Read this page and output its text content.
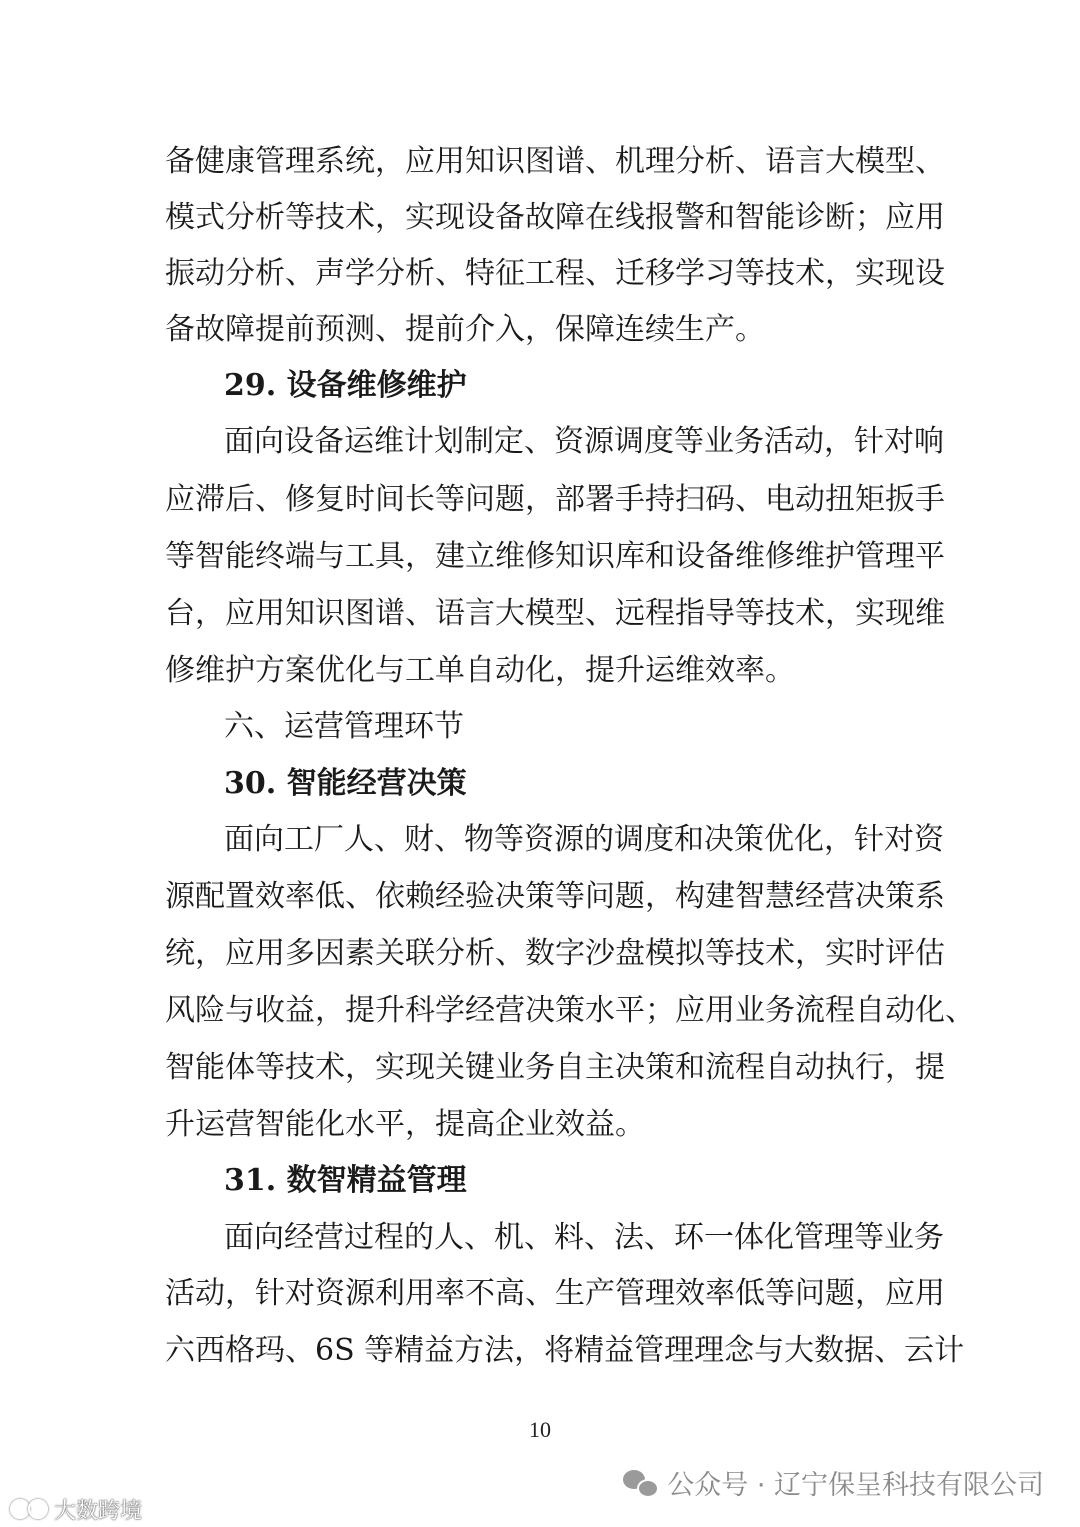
备健康管理系统，应用知识图谱、机理分析、语言大模型、
模式分析等技术，实现设备故障在线报警和智能诊断；应用
振动分析、声学分析、特征工程、迁移学习等技术，实现设
备故障提前预测、提前介入，保障连续生产。
29. 设备维修维护
面向设备运维计划制定、资源调度等业务活动，针对响
应滞后、修复时间长等问题，部署手持扫码、电动扭矩扳手
等智能终端与工具，建立维修知识库和设备维修维护管理平
台，应用知识图谱、语言大模型、远程指导等技术，实现维
修维护方案优化与工单自动化，提升运维效率。
六、运营管理环节
30. 智能经营决策
面向工厂人、财、物等资源的调度和决策优化，针对资
源配置效率低、依赖经验决策等问题，构建智慧经营决策系
统，应用多因素关联分析、数字沙盘模拟等技术，实时评估
风险与收益，提升科学经营决策水平；应用业务流程自动化、
智能体等技术，实现关键业务自主决策和流程自动执行，提
升运营智能化水平，提高企业效益。
31. 数智精益管理
面向经营过程的人、机、料、法、环一体化管理等业务
活动，针对资源利用率不高、生产管理效率低等问题，应用
六西格玛、6S 等精益方法，将精益管理理念与大数据、云计
10
公众号 · 辽宁保呈科技有限公司
大数跨境
